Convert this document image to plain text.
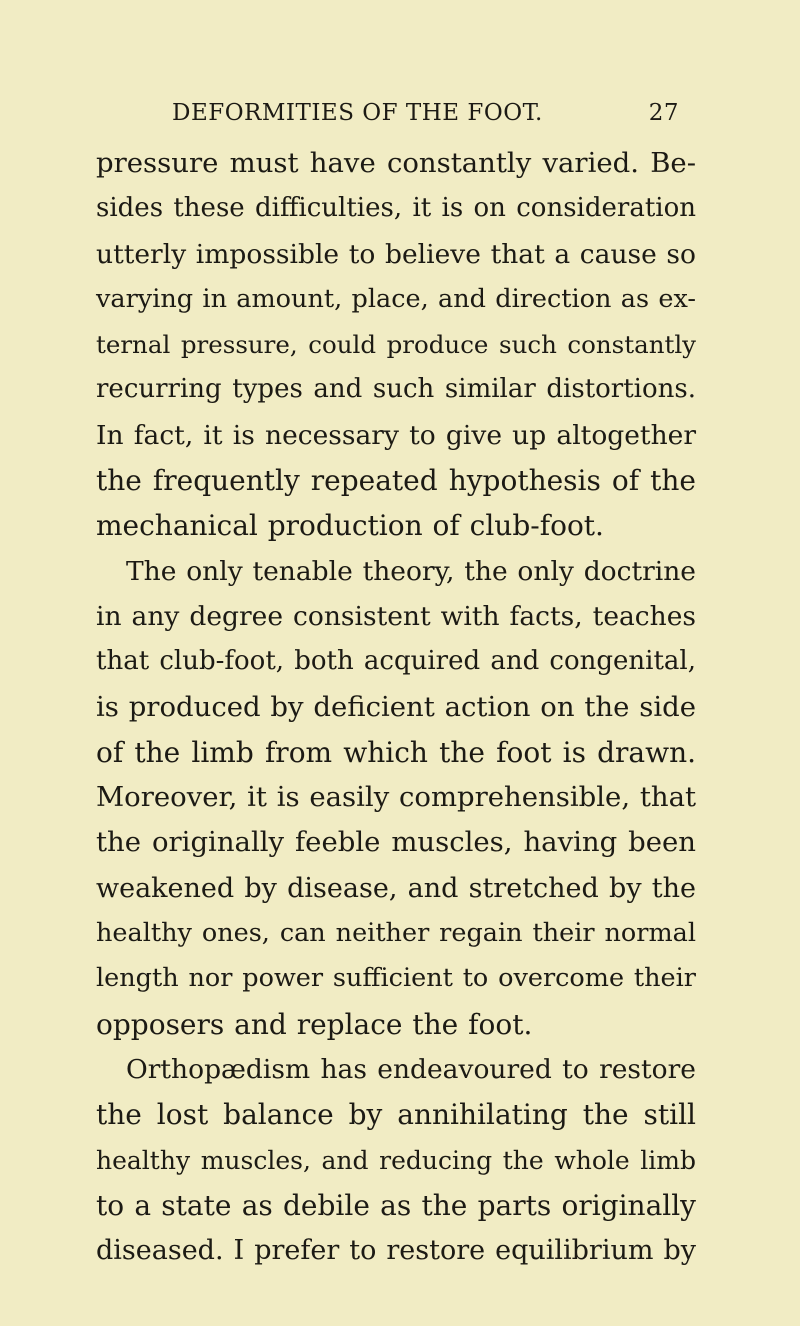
DEFORMITIES OF THE FOOT.	27
pressure must have constantly varied. Be-
sides these difficulties, it is on consideration
utterly impossible to believe that a cause so
varying in amount, place, and direction as ex-
ternal pressure, could produce such constantly
recurring types and such similar distortions.
In fact, it is necessary to give up altogether
the frequently repeated hypothesis of the
mechanical production of club-foot.
The only tenable theory, the only doctrine
in any degree consistent with facts, teaches
that club-foot, both acquired and congenital,
is produced by deficient action on the side
of the limb from which the foot is drawn.
Moreover, it is easily comprehensible, that
the originally feeble muscles, having been
weakened by disease, and stretched by the
healthy ones, can neither regain their normal
length nor power sufficient to overcome their
opposers and replace the foot.
Orthopædism has endeavoured to restore
the lost balance by annihilating the still
healthy muscles, and reducing the whole limb
to a state as debile as the parts originally
diseased. I prefer to restore equilibrium by
